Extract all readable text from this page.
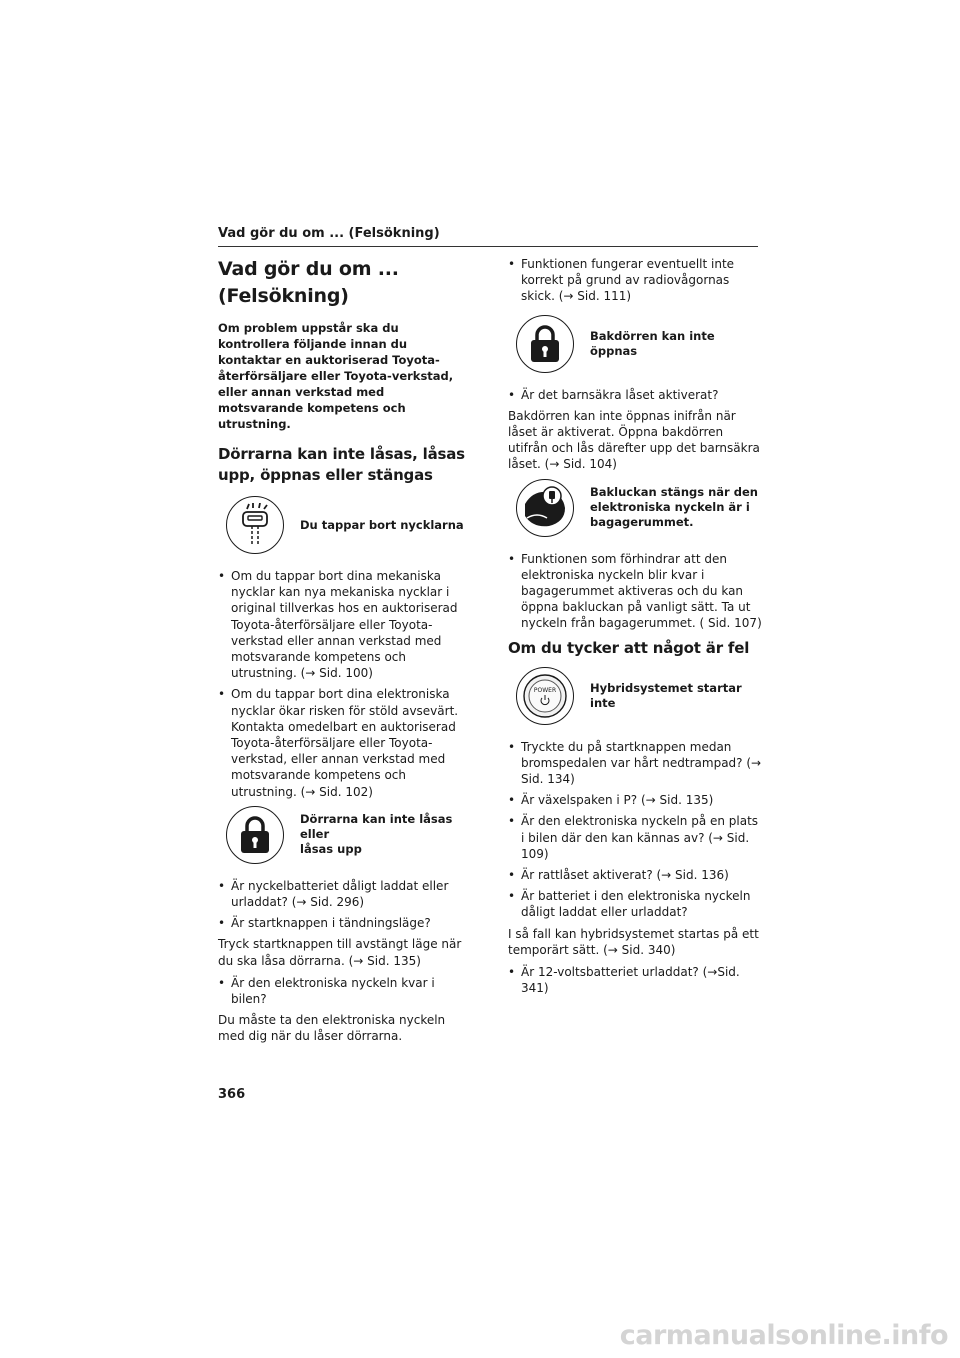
Vad gör du om ... (Felsökning)
Vad gör du om ...
(Felsökning)

Om problem uppstår ska du kontrollera följande innan du kontaktar en auktoriserad Toyota-återförsäljare eller Toyota-verkstad, eller annan verkstad med motsvarande kompetens och utrustning.

Dörrarna kan inte låsas, låsas upp, öppnas eller stängas
Du tappar bort nycklarna
• Om du tappar bort dina mekaniska nycklar kan nya mekaniska nycklar i original tillverkas hos en auktoriserad Toyota-återförsäljare eller Toyota-verkstad eller annan verkstad med motsvarande kompetens och utrustning. (→ Sid. 100)
• Om du tappar bort dina elektroniska nycklar ökar risken för stöld avsevärt. Kontakta omedelbart en auktoriserad Toyota-återförsäljare eller Toyota-verkstad, eller annan verkstad med motsvarande kompetens och utrustning. (→ Sid. 102)
Dörrarna kan inte låsas eller
låsas upp
• Är nyckelbatteriet dåligt laddat eller urladdat? (→ Sid. 296)
• Är startknappen i tändningsläge?

Tryck startknappen till avstängt läge när du ska låsa dörrarna. (→ Sid. 135)

• Är den elektroniska nyckeln kvar i bilen?

Du måste ta den elektroniska nyckeln med dig när du låser dörrarna.

• Funktionen fungerar eventuellt inte korrekt på grund av radiovågornas skick. (→ Sid. 111)
Bakdörren kan inte öppnas
• Är det barnsäkra låset aktiverat?

Bakdörren kan inte öppnas inifrån när låset är aktiverat. Öppna bakdörren utifrån och lås därefter upp det barnsäkra låset. (→ Sid. 104)

Bakluckan stängs när den
elektroniska nyckeln är i
bagagerummet.
• Funktionen som förhindrar att den elektroniska nyckeln blir kvar i bagagerummet aktiveras och du kan öppna bakluckan på vanligt sätt. Ta ut nyckeln från bagagerummet. ( Sid. 107)
Om du tycker att något är fel
POWER	Hybridsystemet startar inte
• Tryckte du på startknappen medan bromspedalen var hårt nedtrampad? (→ Sid. 134)
• Är växelspaken i P? (→ Sid. 135)
• Är den elektroniska nyckeln på en plats i bilen där den kan kännas av? (→ Sid. 109)
• Är rattlåset aktiverat? (→ Sid. 136)
• Är batteriet i den elektroniska nyckeln dåligt laddat eller urladdat?

I så fall kan hybridsystemet startas på ett temporärt sätt. (→ Sid. 340)

• Är 12-voltsbatteriet urladdat? (→Sid. 341)
366
carmanualsonline.info
